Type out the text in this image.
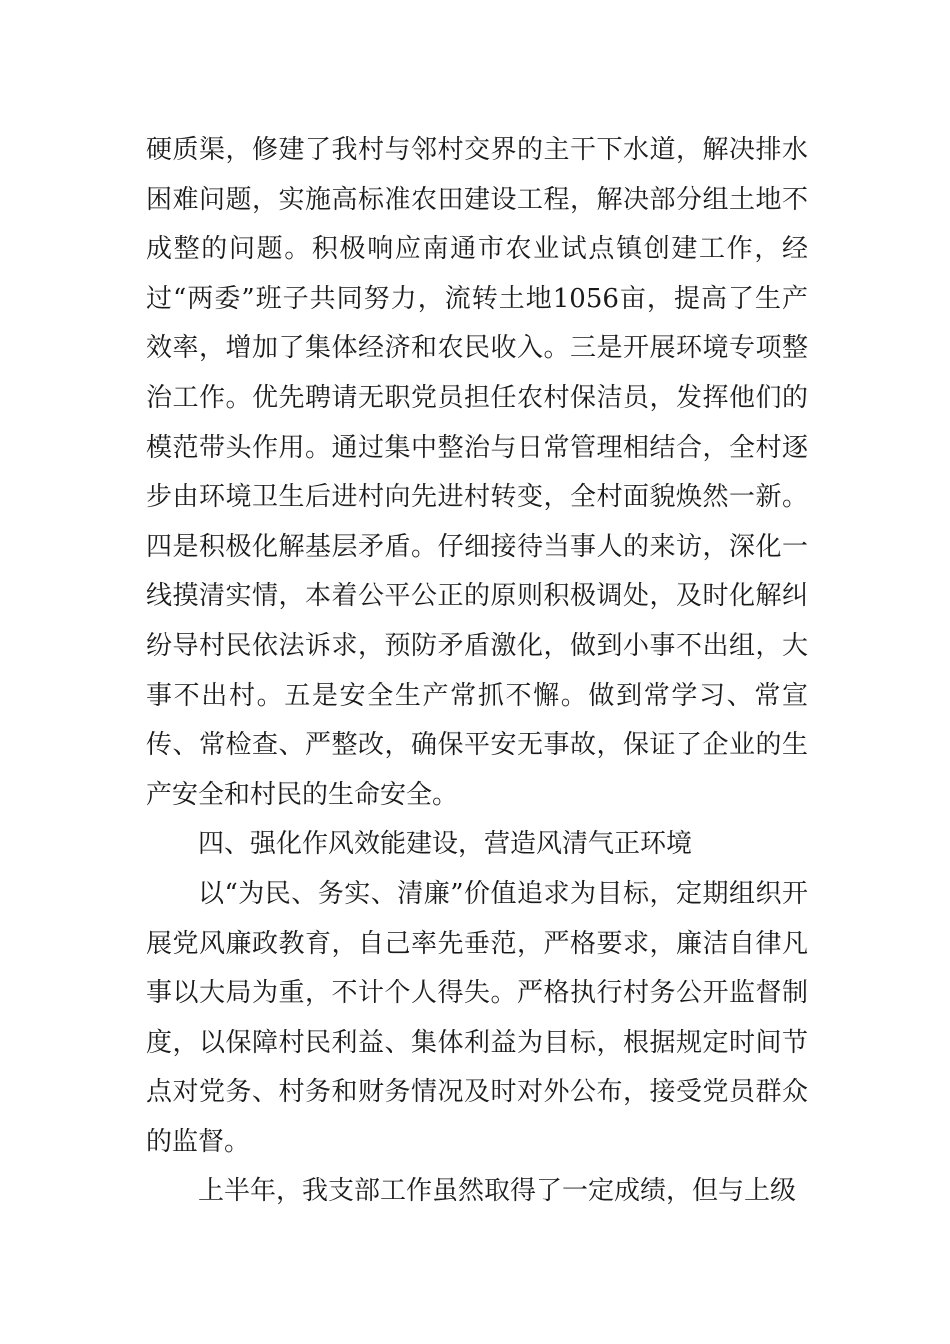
硬质渠，修建了我村与邻村交界的主干下水道，解决排水困难问题，实施高标准农田建设工程，解决部分组土地不成整的问题。积极响应南通市农业试点镇创建工作，经过“两委”班子共同努力，流转土地1056亩，提高了生产效率，增加了集体经济和农民收入。三是开展环境专项整治工作。优先聘请无职党员担任农村保洁员，发挥他们的模范带头作用。通过集中整治与日常管理相结合，全村逐步由环境卫生后进村向先进村转变，全村面貌焕然一新。四是积极化解基层矛盾。仔细接待当事人的来访，深化一线摸清实情，本着公平公正的原则积极调处，及时化解纠纷导村民依法诉求，预防矛盾激化，做到小事不出组，大事不出村。五是安全生产常抓不懈。做到常学习、常宣传、常检查、严整改，确保平安无事故，保证了企业的生产安全和村民的生命安全。

四、强化作风效能建设，营造风清气正环境

以“为民、务实、清廉”价值追求为目标，定期组织开展党风廉政教育，自己率先垂范，严格要求，廉洁自律凡事以大局为重，不计个人得失。严格执行村务公开监督制度，以保障村民利益、集体利益为目标，根据规定时间节点对党务、村务和财务情况及时对外公布，接受党员群众的监督。

上半年，我支部工作虽然取得了一定成绩，但与上级
